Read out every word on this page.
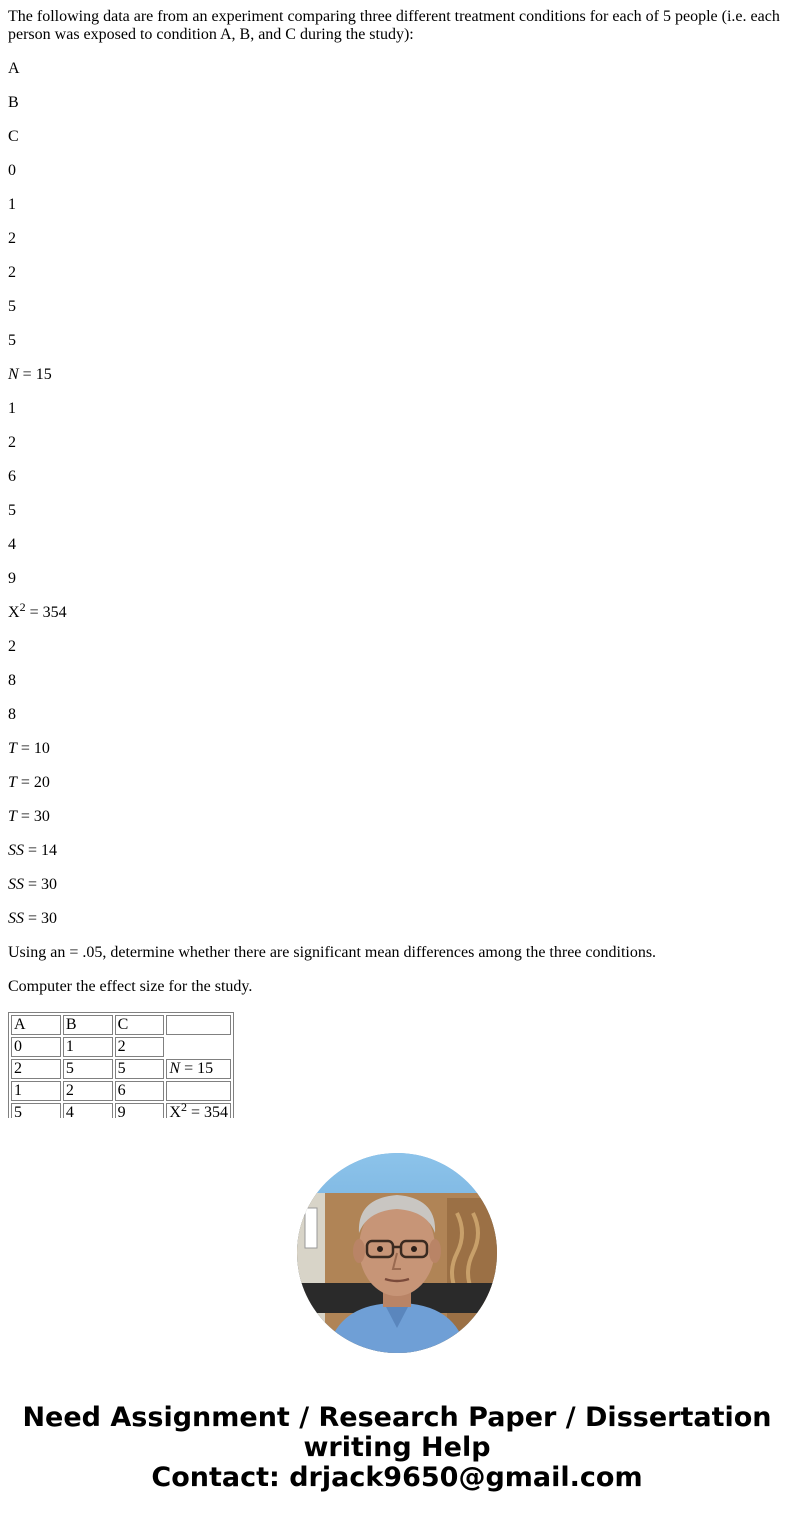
The following data are from an experiment comparing three different treatment conditions for each of 5 people (i.e. each person was exposed to condition A, B, and C during the study):

A

B

C

0

1

2

2

5

5

N = 15

1

2

6

5

4

9

$X^2 = 354$

2

8

8

T = 10

T = 20

T = 30

SS = 14

SS = 30

SS = 30

Using an = .05, determine whether there are significant mean differences among the three conditions.

Computer the effect size for the study.

A	B	C	
0	1	2	
2	5	5	N = 15
1	2	6	
5	4	9	$X^2 = 354$
Need Assignment / Research Paper / Dissertation
writing Help
Contact: drjack9650@gmail.com
